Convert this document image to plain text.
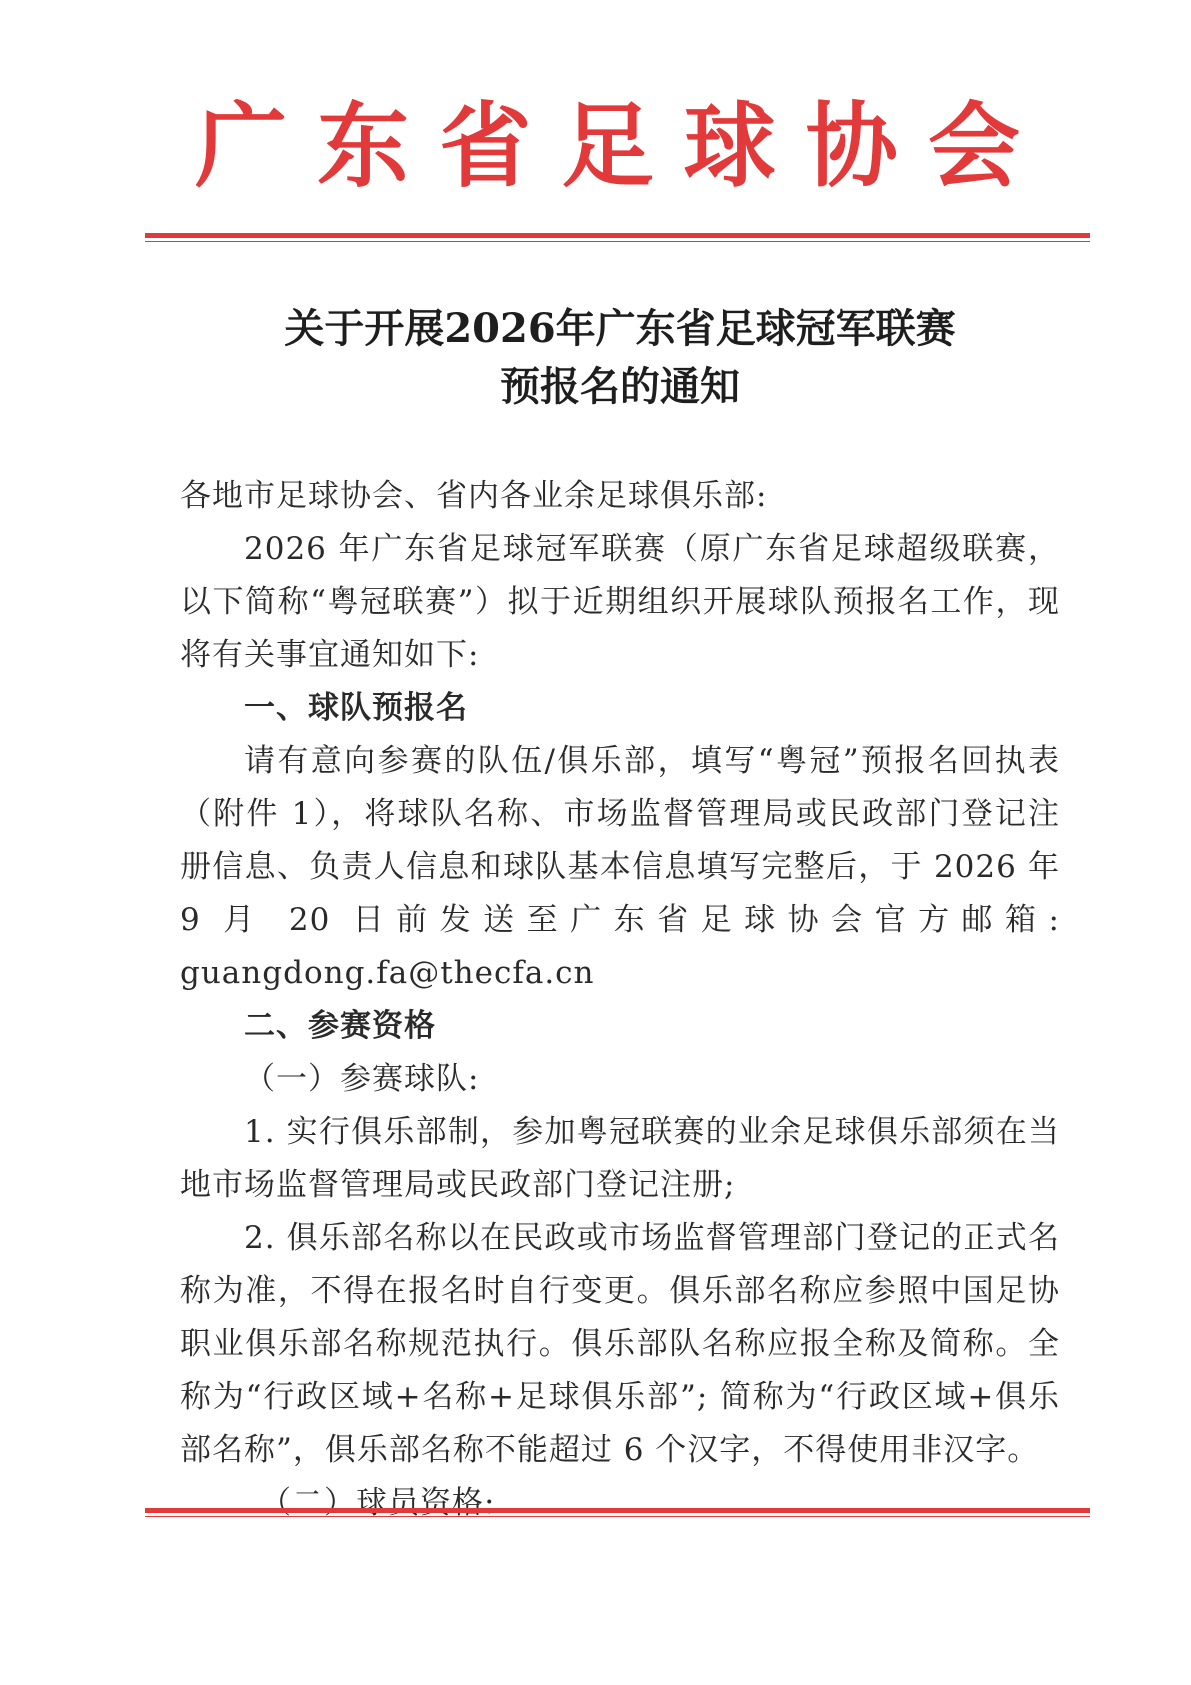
广 东 省 足 球 协 会
关于开展2026年广东省足球冠军联赛
预报名的通知

各地市足球协会、省内各业余足球俱乐部:

2026 年广东省足球冠军联赛（原广东省足球超级联赛，以下简称“粤冠联赛”）拟于近期组织开展球队预报名工作，现将有关事宜通知如下:

一、球队预报名

请有意向参赛的队伍/俱乐部，填写“粤冠”预报名回执表（附件 1），将球队名称、市场监督管理局或民政部门登记注册信息、负责人信息和球队基本信息填写完整后，于 2026 年 9 月 20 日前发送至广东省足球协会官方邮箱: guangdong.fa@thecfa.cn

二、参赛资格

（一）参赛球队:

1. 实行俱乐部制，参加粤冠联赛的业余足球俱乐部须在当地市场监督管理局或民政部门登记注册;

2. 俱乐部名称以在民政或市场监督管理部门登记的正式名称为准，不得在报名时自行变更。俱乐部名称应参照中国足协职业俱乐部名称规范执行。俱乐部队名称应报全称及简称。全称为“行政区域+名称+足球俱乐部”; 简称为“行政区域+俱乐部名称”，俱乐部名称不能超过 6 个汉字，不得使用非汉字。

（二）球员资格:
